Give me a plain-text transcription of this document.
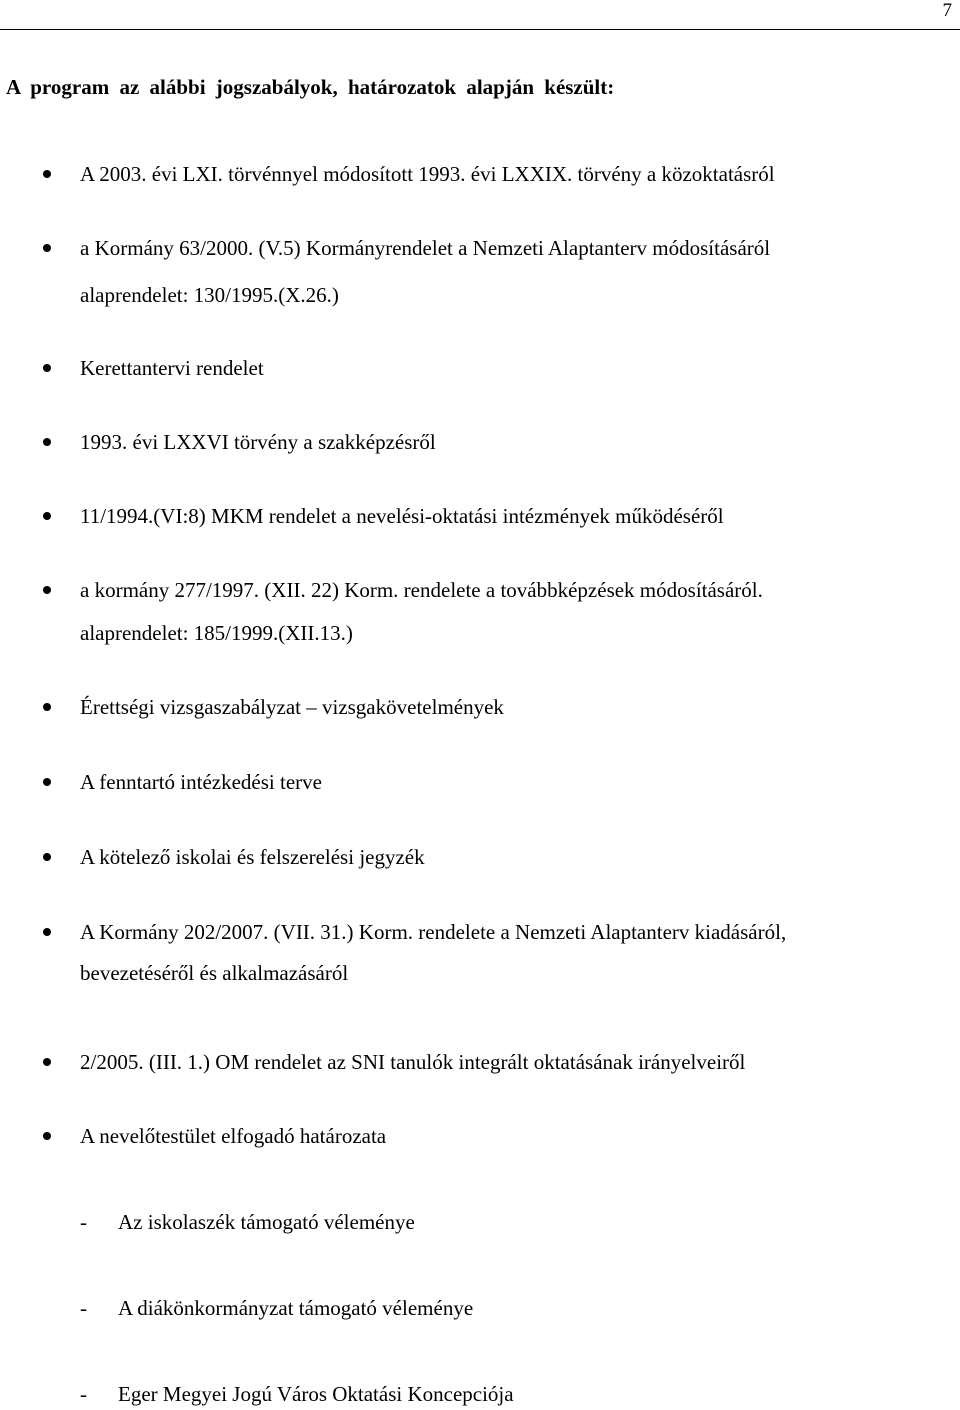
7
A program az alábbi jogszabályok, határozatok alapján készült:
A 2003. évi LXI. törvénnyel módosított 1993. évi LXXIX. törvény a közoktatásról
a Kormány 63/2000. (V.5) Kormányrendelet a Nemzeti Alaptanterv módosításáról
alaprendelet: 130/1995.(X.26.)
Kerettantervi rendelet
1993. évi LXXVI törvény a szakképzésről
11/1994.(VI:8) MKM rendelet a nevelési-oktatási intézmények működéséről
a kormány 277/1997. (XII. 22) Korm. rendelete a továbbképzések módosításáról.
alaprendelet: 185/1999.(XII.13.)
Érettségi vizsgaszabályzat – vizsgakövetelmények
A fenntartó intézkedési terve
A kötelező iskolai és felszerelési jegyzék
A Kormány 202/2007. (VII. 31.) Korm. rendelete a Nemzeti Alaptanterv kiadásáról,
bevezetéséről és alkalmazásáról
2/2005. (III. 1.) OM rendelet az SNI tanulók integrált oktatásának irányelveiről
A nevelőtestület elfogadó határozata
- Az iskolaszék támogató véleménye
- A diákönkormányzat támogató véleménye
- Eger Megyei Jogú Város Oktatási Koncepciója
